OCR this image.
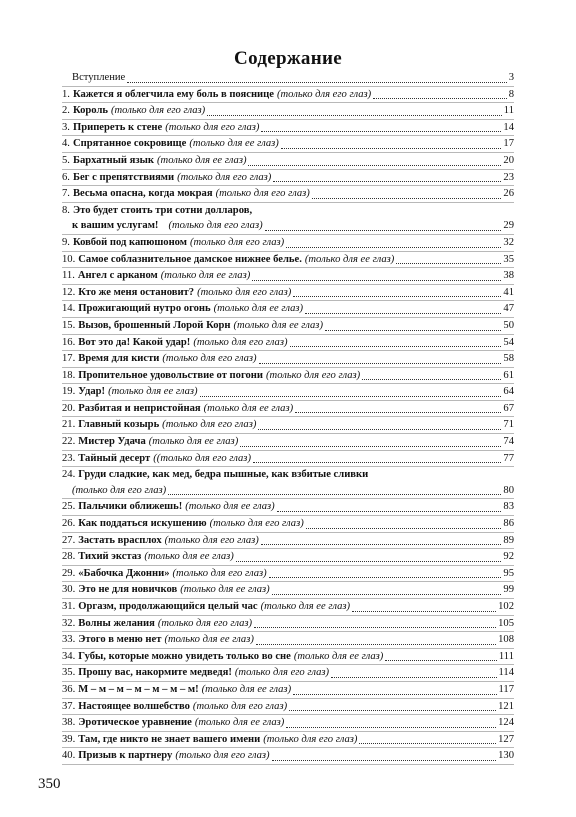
Содержание
Вступление	3
1. Кажется я облегчила ему боль в пояснице (только для его глаз)	8
2. Король (только для его глаз)	11
3. Припереть к стене (только для его глаз)	14
4. Спрятанное сокровище (только для ее глаз)	17
5. Бархатный язык (только для ее глаз)	20
6. Бег с препятствиями (только для его глаз)	23
7. Весьма опасна, когда мокрая (только для его глаз)	26
8. Это будет стоить три сотни долларов,
к вашим услугам! (только для его глаз)	29
9. Ковбой под капюшоном (только для его глаз)	32
10. Самое соблазнительное дамское нижнее белье. (только для ее глаз)	35
11. Ангел с арканом (только для ее глаз)	38
12. Кто же меня остановит? (только для его глаз)	41
14. Прожигающий нутро огонь (только для ее глаз)	47
15. Вызов, брошенный Лорой Корн (только для ее глаз)	50
16. Вот это да! Какой удар! (только для его глаз)	54
17. Время для кисти (только для его глаз)	58
18. Пропительное удовольствие от погони (только для его глаз)	61
19. Удар! (только для ее глаз)	64
20. Разбитая и непристойная (только для ее глаз)	67
21. Главный козырь (только для его глаз)	71
22. Мистер Удача (только для ее глаз)	74
23. Тайный десерт ((только для его глаз)	77
24. Груди сладкие, как мед, бедра пышные, как взбитые сливки
(только для его глаз)	80
25. Пальчики оближешь! (только для ее глаз)	83
26. Как поддаться искушению (только для его глаз)	86
27. Застать врасплох (только для его глаз)	89
28. Тихий экстаз (только для ее глаз)	92
29. «Бабочка Джонни» (только для его глаз)	95
30. Это не для новичков (только для ее глаз)	99
31. Оргазм, продолжающийся целый час (только для ее глаз)	102
32. Волны желания (только для его глаз)	105
33. Этого в меню нет (только для ее глаз)	108
34. Губы, которые можно увидеть только во сне (только для ее глаз)	111
35. Прошу вас, накормите медведя! (только для его глаз)	114
36. М – м – м – м – м – м – м! (только для ее глаз)	117
37. Настоящее волшебство (только для его глаз)	121
38. Эротическое уравнение (только для ее глаз)	124
39. Там, где никто не знает вашего имени (только для его глаз)	127
40. Призыв к партнеру (только для его глаз)	130
350
